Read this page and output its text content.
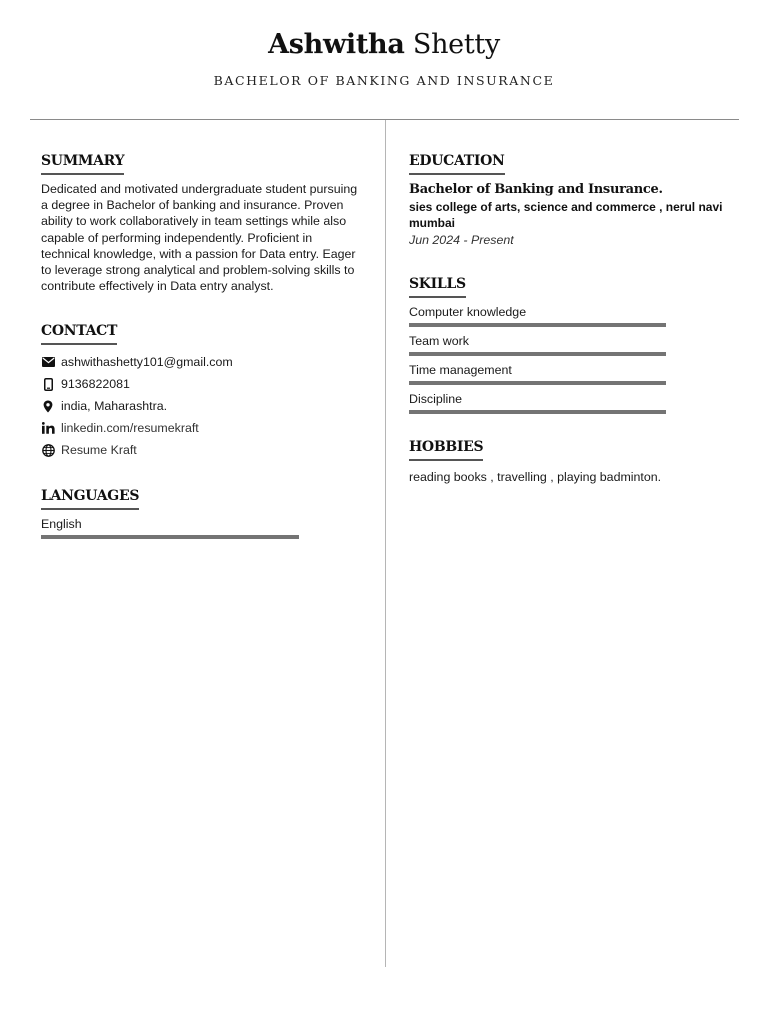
Ashwitha Shetty
BACHELOR OF BANKING AND INSURANCE
SUMMARY
Dedicated and motivated undergraduate student pursuing a degree in Bachelor of banking and insurance. Proven ability to work collaboratively in team settings while also capable of performing independently. Proficient in technical knowledge, with a passion for Data entry. Eager to leverage strong analytical and problem-solving skills to contribute effectively in Data entry analyst.
CONTACT
ashwithashetty101@gmail.com
9136822081
india, Maharashtra.
linkedin.com/resumekraft
Resume Kraft
LANGUAGES
English
EDUCATION
Bachelor of Banking and Insurance.
sies college of arts, science and commerce , nerul navi mumbai
Jun 2024 - Present
SKILLS
Computer knowledge
Team work
Time management
Discipline
HOBBIES
reading books , travelling , playing badminton.
